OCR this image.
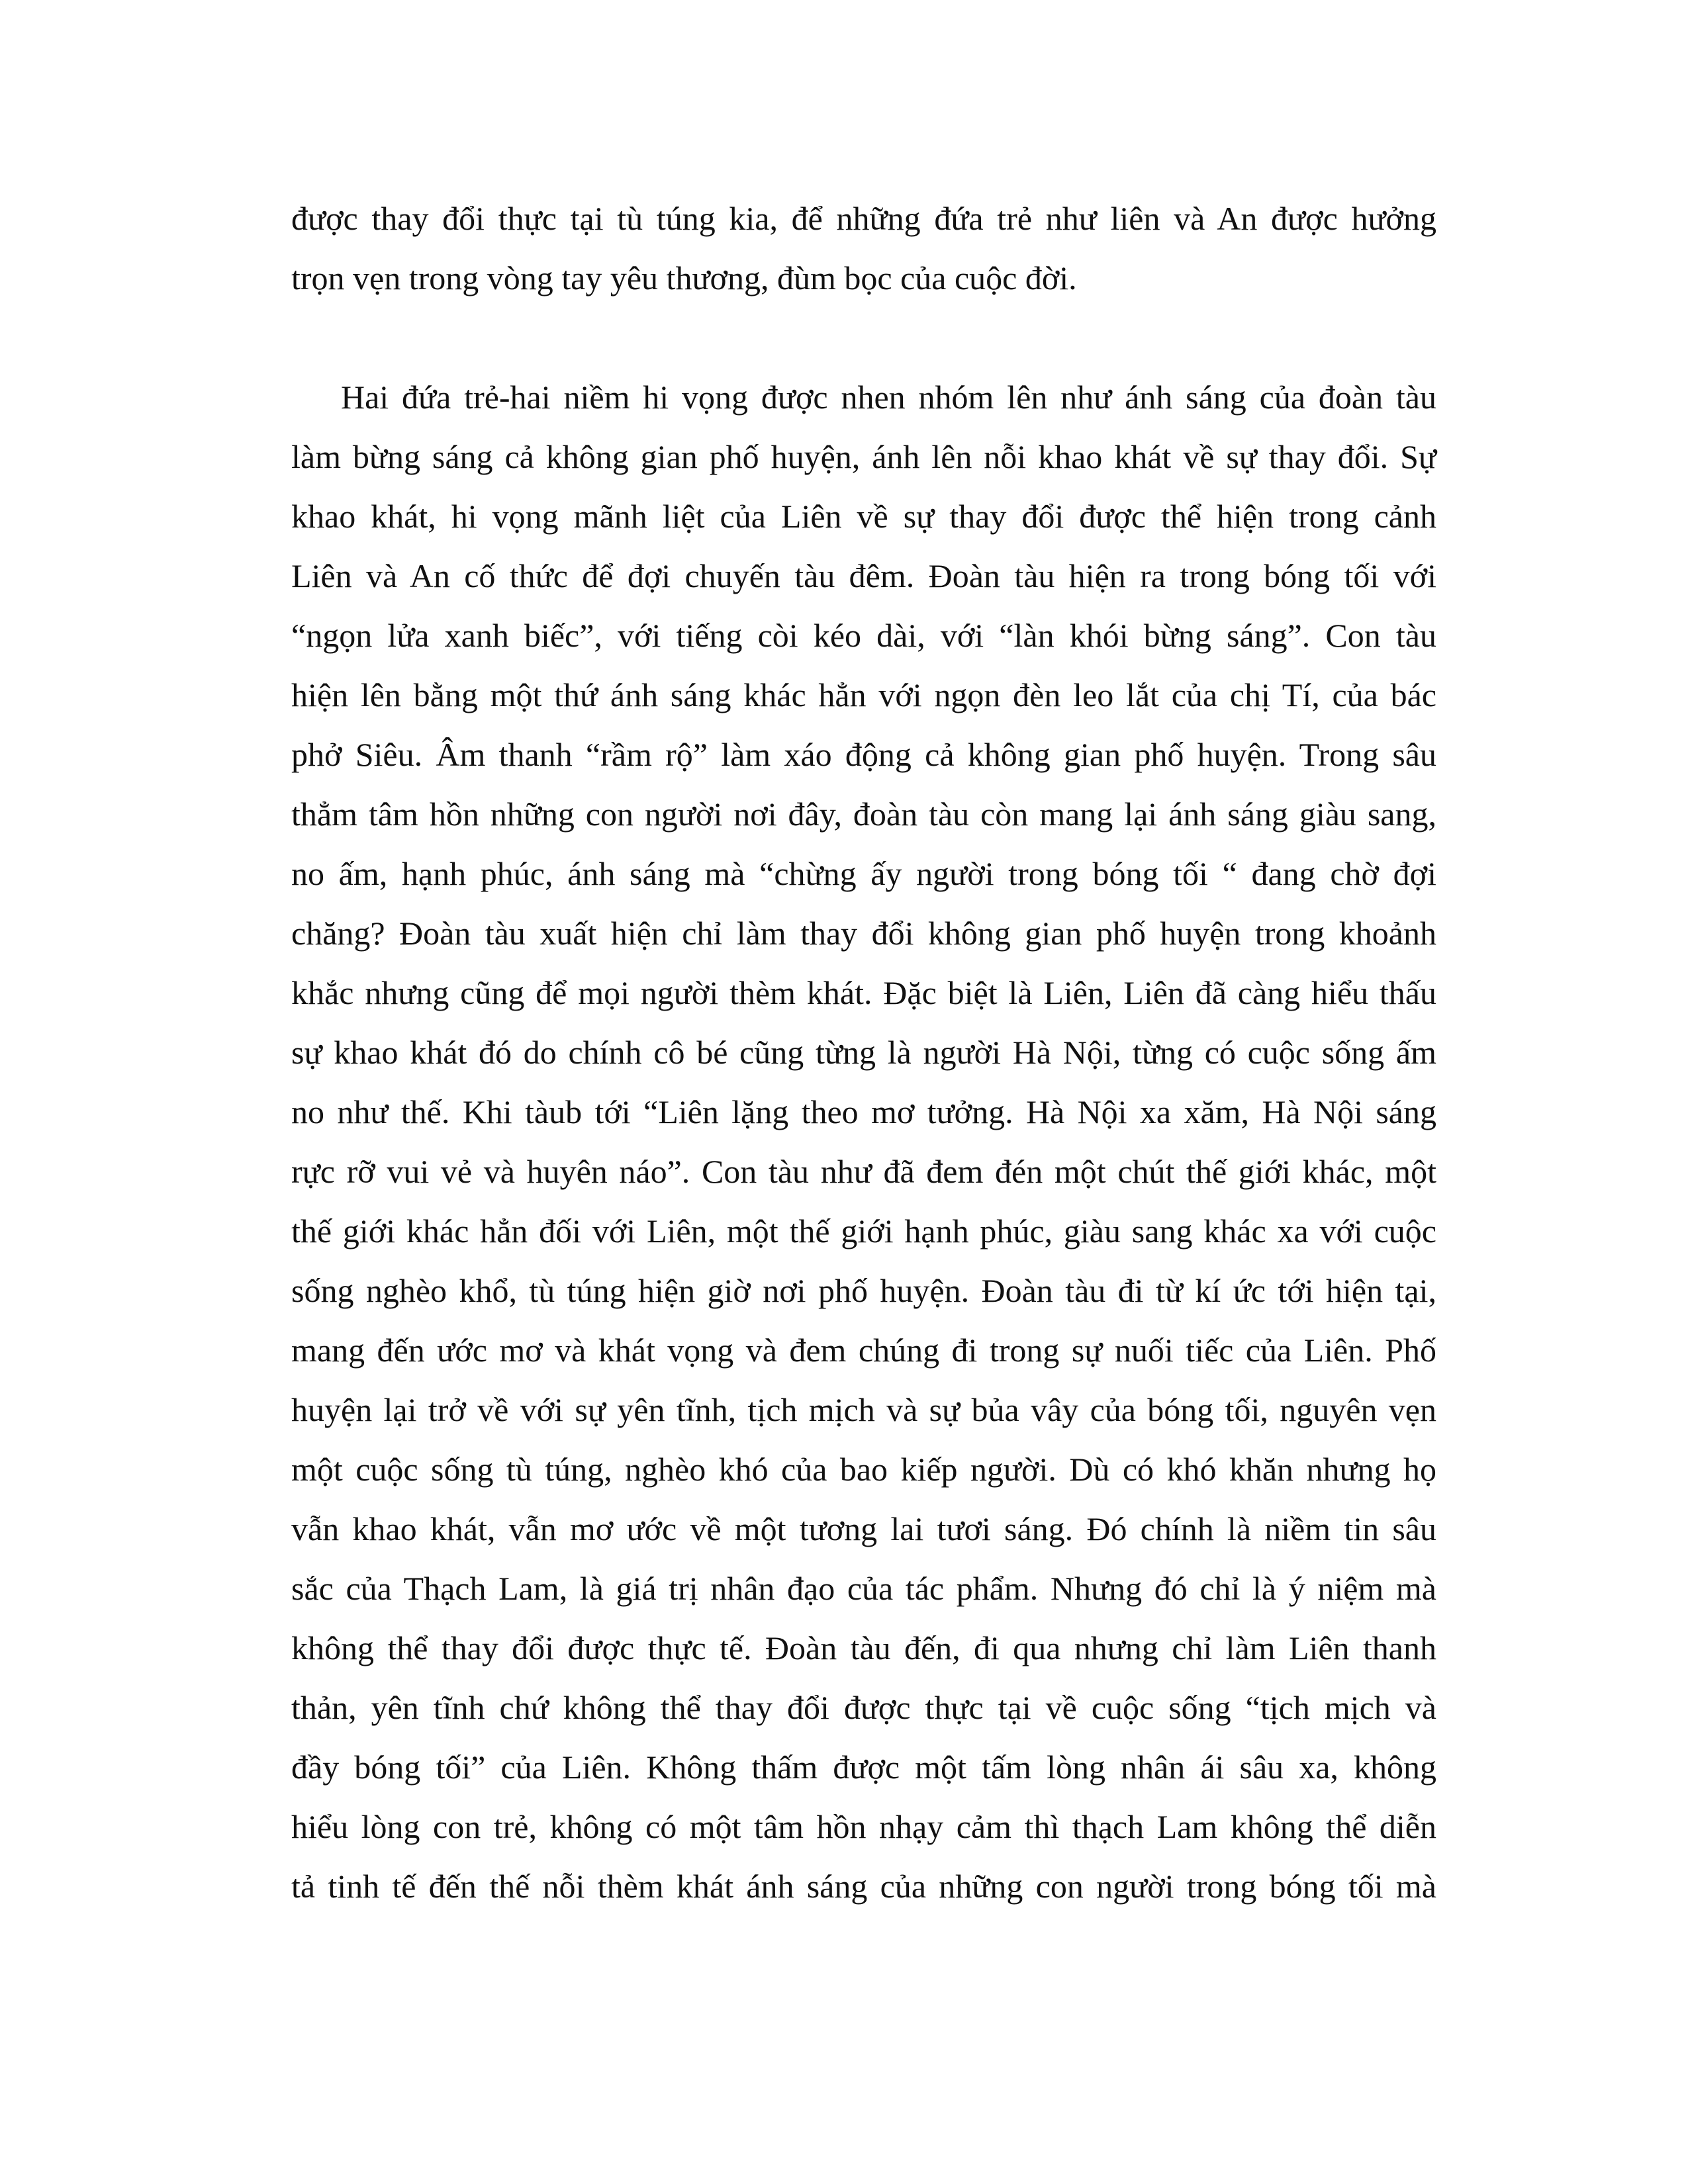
được thay đổi thực tại tù túng kia, để những đứa trẻ như liên và An được hưởng
trọn vẹn trong vòng tay yêu thương, đùm bọc của cuộc đời.
Hai đứa trẻ-hai niềm hi vọng được nhen nhóm lên như ánh sáng của đoàn tàu
làm bừng sáng cả không gian phố huyện, ánh lên nỗi khao khát về sự thay đổi. Sự
khao khát, hi vọng mãnh liệt của Liên về sự thay đổi được thể hiện trong cảnh
Liên và An cố thức để đợi chuyến tàu đêm. Đoàn tàu hiện ra trong bóng tối với
“ngọn lửa xanh biếc”, với tiếng còi kéo dài, với “làn khói bừng sáng”. Con tàu
hiện lên bằng một thứ ánh sáng khác hẳn với ngọn đèn leo lắt của chị Tí, của bác
phở Siêu. Âm thanh “rầm rộ” làm xáo động cả không gian phố huyện. Trong sâu
thẳm tâm hồn những con người nơi đây, đoàn tàu còn mang lại ánh sáng giàu sang,
no ấm, hạnh phúc, ánh sáng mà “chừng ấy người trong bóng tối “ đang chờ đợi
chăng? Đoàn tàu xuất hiện chỉ làm thay đổi không gian phố huyện trong khoảnh
khắc nhưng cũng để mọi người thèm khát. Đặc biệt là Liên, Liên đã càng hiểu thấu
sự khao khát đó do chính cô bé cũng từng là người Hà Nội, từng có cuộc sống ấm
no như thế. Khi tàub tới “Liên lặng theo mơ tưởng. Hà Nội xa xăm, Hà Nội sáng
rực rỡ vui vẻ và huyên náo”. Con tàu như đã đem đén một chút thế giới khác, một
thế giới khác hẳn đối với Liên, một thế giới hạnh phúc, giàu sang khác xa với cuộc
sống nghèo khổ, tù túng hiện giờ nơi phố huyện. Đoàn tàu đi từ kí ức tới hiện tại,
mang đến ước mơ và khát vọng và đem chúng đi trong sự nuối tiếc của Liên. Phố
huyện lại trở về với sự yên tĩnh, tịch mịch và sự bủa vây của bóng tối, nguyên vẹn
một cuộc sống tù túng, nghèo khó của bao kiếp người. Dù có khó khăn nhưng họ
vẫn khao khát, vẫn mơ ước về một tương lai tươi sáng. Đó chính là niềm tin sâu
sắc của Thạch Lam, là giá trị nhân đạo của tác phẩm. Nhưng đó chỉ là ý niệm mà
không thể thay đổi được thực tế. Đoàn tàu đến, đi qua nhưng chỉ làm Liên thanh
thản, yên tĩnh chứ không thể thay đổi được thực tại về cuộc sống “tịch mịch và
đầy bóng tối” của Liên. Không thấm được một tấm lòng nhân ái sâu xa, không
hiểu lòng con trẻ, không có một tâm hồn nhạy cảm thì thạch Lam không thể diễn
tả tinh tế đến thế nỗi thèm khát ánh sáng của những con người trong bóng tối mà
